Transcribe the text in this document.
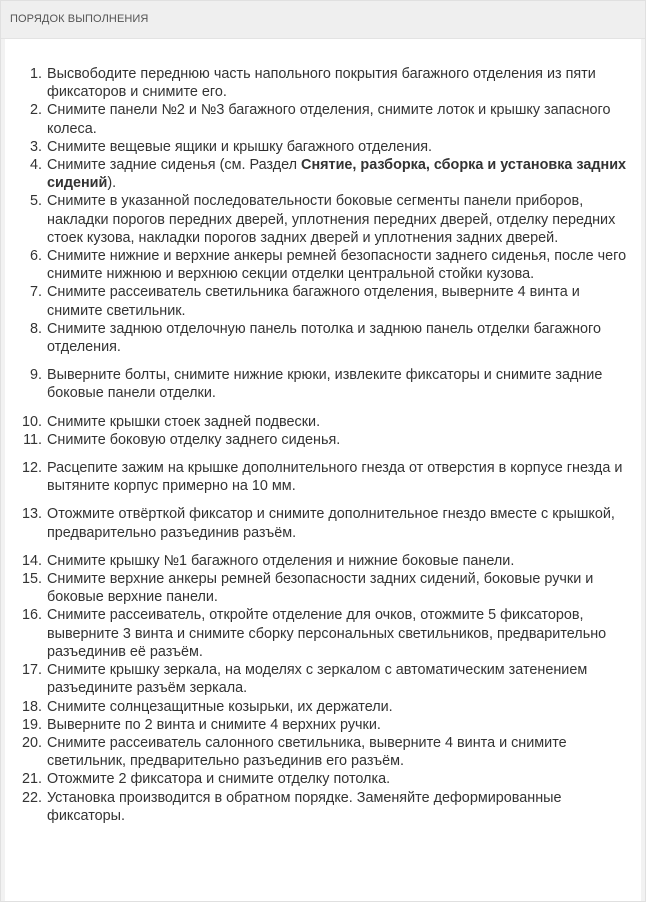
ПОРЯДОК ВЫПОЛНЕНИЯ
1. Высвободите переднюю часть напольного покрытия багажного отделения из пяти фиксаторов и снимите его.
2. Снимите панели №2 и №3 багажного отделения, снимите лоток и крышку запасного колеса.
3. Снимите вещевые ящики и крышку багажного отделения.
4. Снимите задние сиденья (см. Раздел Снятие, разборка, сборка и установка задних сидений).
5. Снимите в указанной последовательности боковые сегменты панели приборов, накладки порогов передних дверей, уплотнения передних дверей, отделку передних стоек кузова, накладки порогов задних дверей и уплотнения задних дверей.
6. Снимите нижние и верхние анкеры ремней безопасности заднего сиденья, после чего снимите нижнюю и верхнюю секции отделки центральной стойки кузова.
7. Снимите рассеиватель светильника багажного отделения, выверните 4 винта и снимите светильник.
8. Снимите заднюю отделочную панель потолка и заднюю панель отделки багажного отделения.
9. Выверните болты, снимите нижние крюки, извлеките фиксаторы и снимите задние боковые панели отделки.
10. Снимите крышки стоек задней подвески.
11. Снимите боковую отделку заднего сиденья.
12. Расцепите зажим на крышке дополнительного гнезда от отверстия в корпусе гнезда и вытяните корпус примерно на 10 мм.
13. Отожмите отвёрткой фиксатор и снимите дополнительное гнездо вместе с крышкой, предварительно разъединив разъём.
14. Снимите крышку №1 багажного отделения и нижние боковые панели.
15. Снимите верхние анкеры ремней безопасности задних сидений, боковые ручки и боковые верхние панели.
16. Снимите рассеиватель, откройте отделение для очков, отожмите 5 фиксаторов, выверните 3 винта и снимите сборку персональных светильников, предварительно разъединив её разъём.
17. Снимите крышку зеркала, на моделях с зеркалом с автоматическим затенением разъедините разъём зеркала.
18. Снимите солнцезащитные козырьки, их держатели.
19. Выверните по 2 винта и снимите 4 верхних ручки.
20. Снимите рассеиватель салонного светильника, выверните 4 винта и снимите светильник, предварительно разъединив его разъём.
21. Отожмите 2 фиксатора и снимите отделку потолка.
22. Установка производится в обратном порядке. Заменяйте деформированные фиксаторы.
